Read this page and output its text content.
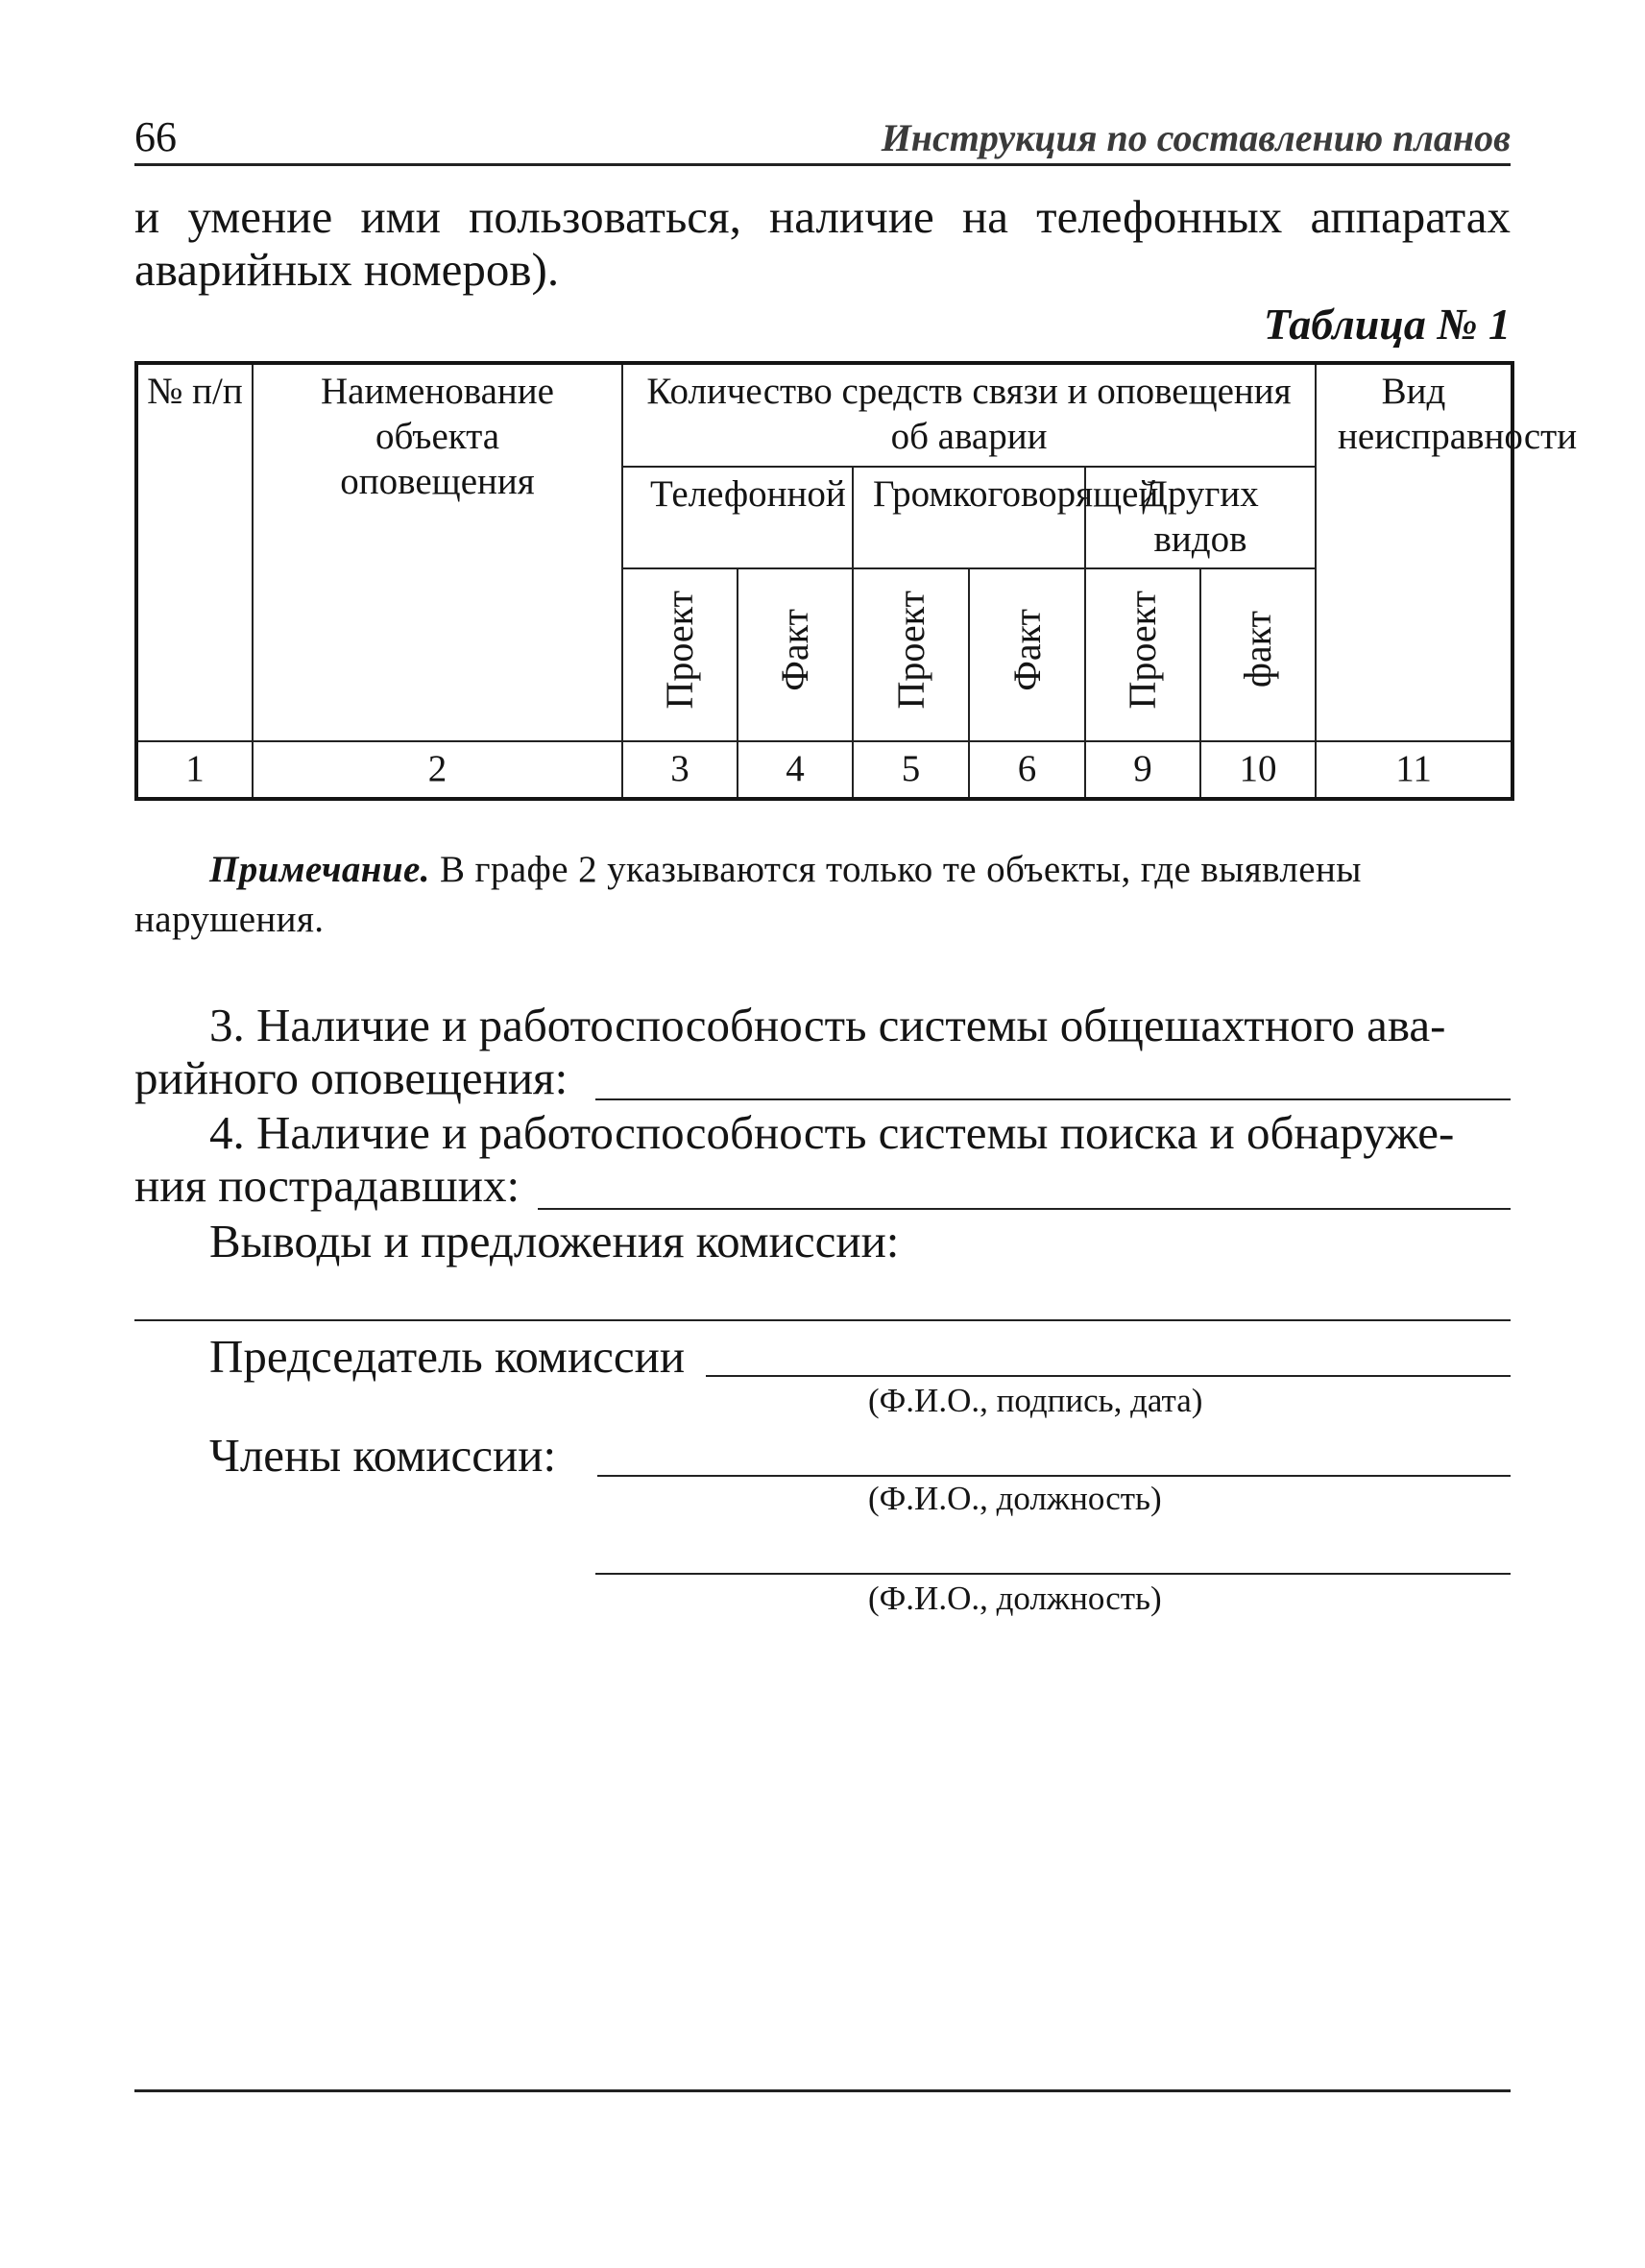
66	Инструкция по составлению планов
и умение ими пользоваться, наличие на телефонных аппаратах аварийных номеров).
Таблица № 1
№ п/п	Наименование объекта оповещения	Количество средств связи и оповещения об аварии						Вид неисправности
		Телефонной		Громкоговорящей		Других видов		
		Проект	Факт	Проект	Факт	Проект	факт	
1	2	3	4	5	6	9	10	11
Примечание. В графе 2 указываются только те объекты, где выявлены
нарушения.
3. Наличие и работоспособность системы общешахтного ава-
рийного оповещения:
4. Наличие и работоспособность системы поиска и обнаруже-
ния пострадавших:
Выводы и предложения комиссии:
Председатель комиссии
(Ф.И.О., подпись, дата)
Члены комиссии:
(Ф.И.О., должность)
(Ф.И.О., должность)
